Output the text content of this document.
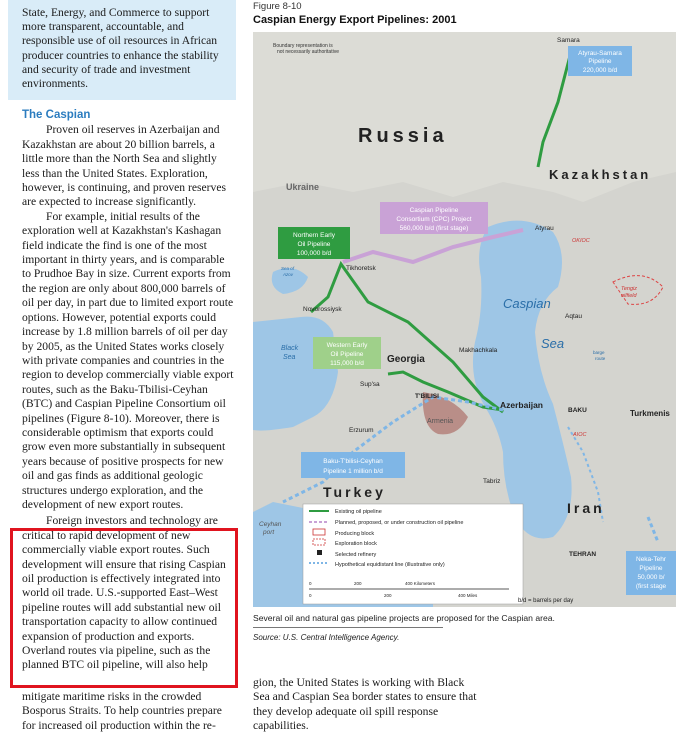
State, Energy, and Commerce to support more transparent, accountable, and responsible use of oil resources in African producer countries to enhance the stability and security of trade and investment environments.

The Caspian

Proven oil reserves in Azerbaijan and Kazakhstan are about 20 billion barrels, a little more than the North Sea and slightly less than the United States. Exploration, however, is continuing, and proven reserves are expected to increase significantly.

For example, initial results of the exploration well at Kazakhstan's Kashagan field indicate the find is one of the most important in thirty years, and is comparable to Prudhoe Bay in size. Current exports from the region are only about 800,000 barrels of oil per day, in part due to limited export route options. However, potential exports could increase by 1.8 million barrels of oil per day by 2005, as the United States works closely with private companies and countries in the region to develop commercially viable export routes, such as the Baku-Tbilisi-Ceyhan (BTC) and Caspian Pipeline Consortium oil pipelines (Figure 8-10). Moreover, there is considerable optimism that exports could grow even more substantially in subsequent years because of positive prospects for new oil and gas finds as additional geologic structures undergo exploration, and the development of new export routes.

Foreign investors and technology are critical to rapid development of new commercially viable export routes. Such development will ensure that rising Caspian oil production is effectively integrated into world oil trade. U.S.-supported East–West pipeline routes will add substantial new oil transportation capacity to allow continued expansion of production and exports. Overland routes via pipeline, such as the planned BTC oil pipeline, will also help

mitigate maritime risks in the crowded Bosporus Straits. To help countries prepare for increased oil production within the re-
gion, the United States is working with Black Sea and Caspian Sea border states to ensure that they develop adequate oil spill response capabilities.
Figure 8-10
Caspian Energy Export Pipelines: 2001
Boundary representation is
not necessarily authoritative
Russia
Kazakhstan
Ukraine
Georgia
Azerbaijan
Armenia
Turkey
Iran
Turkmenis
Caspian
Sea
Black
Sea
Sea of
Azov
Samara
Atyrau
Tikhoretsk
Novorossiysk
Aqtau
Makhachkala
Sup'sa
T'BILISI
BAKU
Erzurum
Tabriz
TEHRAN
Ceyhan
port
OKIOC
Tengiz
oilfield
AIOC
barge
route
Atyrau-Samara
Pipeline
220,000 b/d
Caspian Pipeline
Consortium (CPC) Project
560,000 b/d (first stage)
Northern Early
Oil Pipeline
100,000 b/d
Western Early
Oil Pipeline
115,000 b/d
Baku-T'bilisi-Ceyhan
Pipeline 1 million b/d
Neka-Tehr
Pipeline
50,000 b/
(first stage
Existing oil pipeline
Planned, proposed, or under construction oil pipeline
Producing block
Exploration block
Selected refinery
Hypothetical equidistant line (illustrative only)
0	200	400 Kilometers
0	200	400 Miles
b/d = barrels per day
Several oil and natural gas pipeline projects are proposed for the Caspian area.
Source: U.S. Central Intelligence Agency.
